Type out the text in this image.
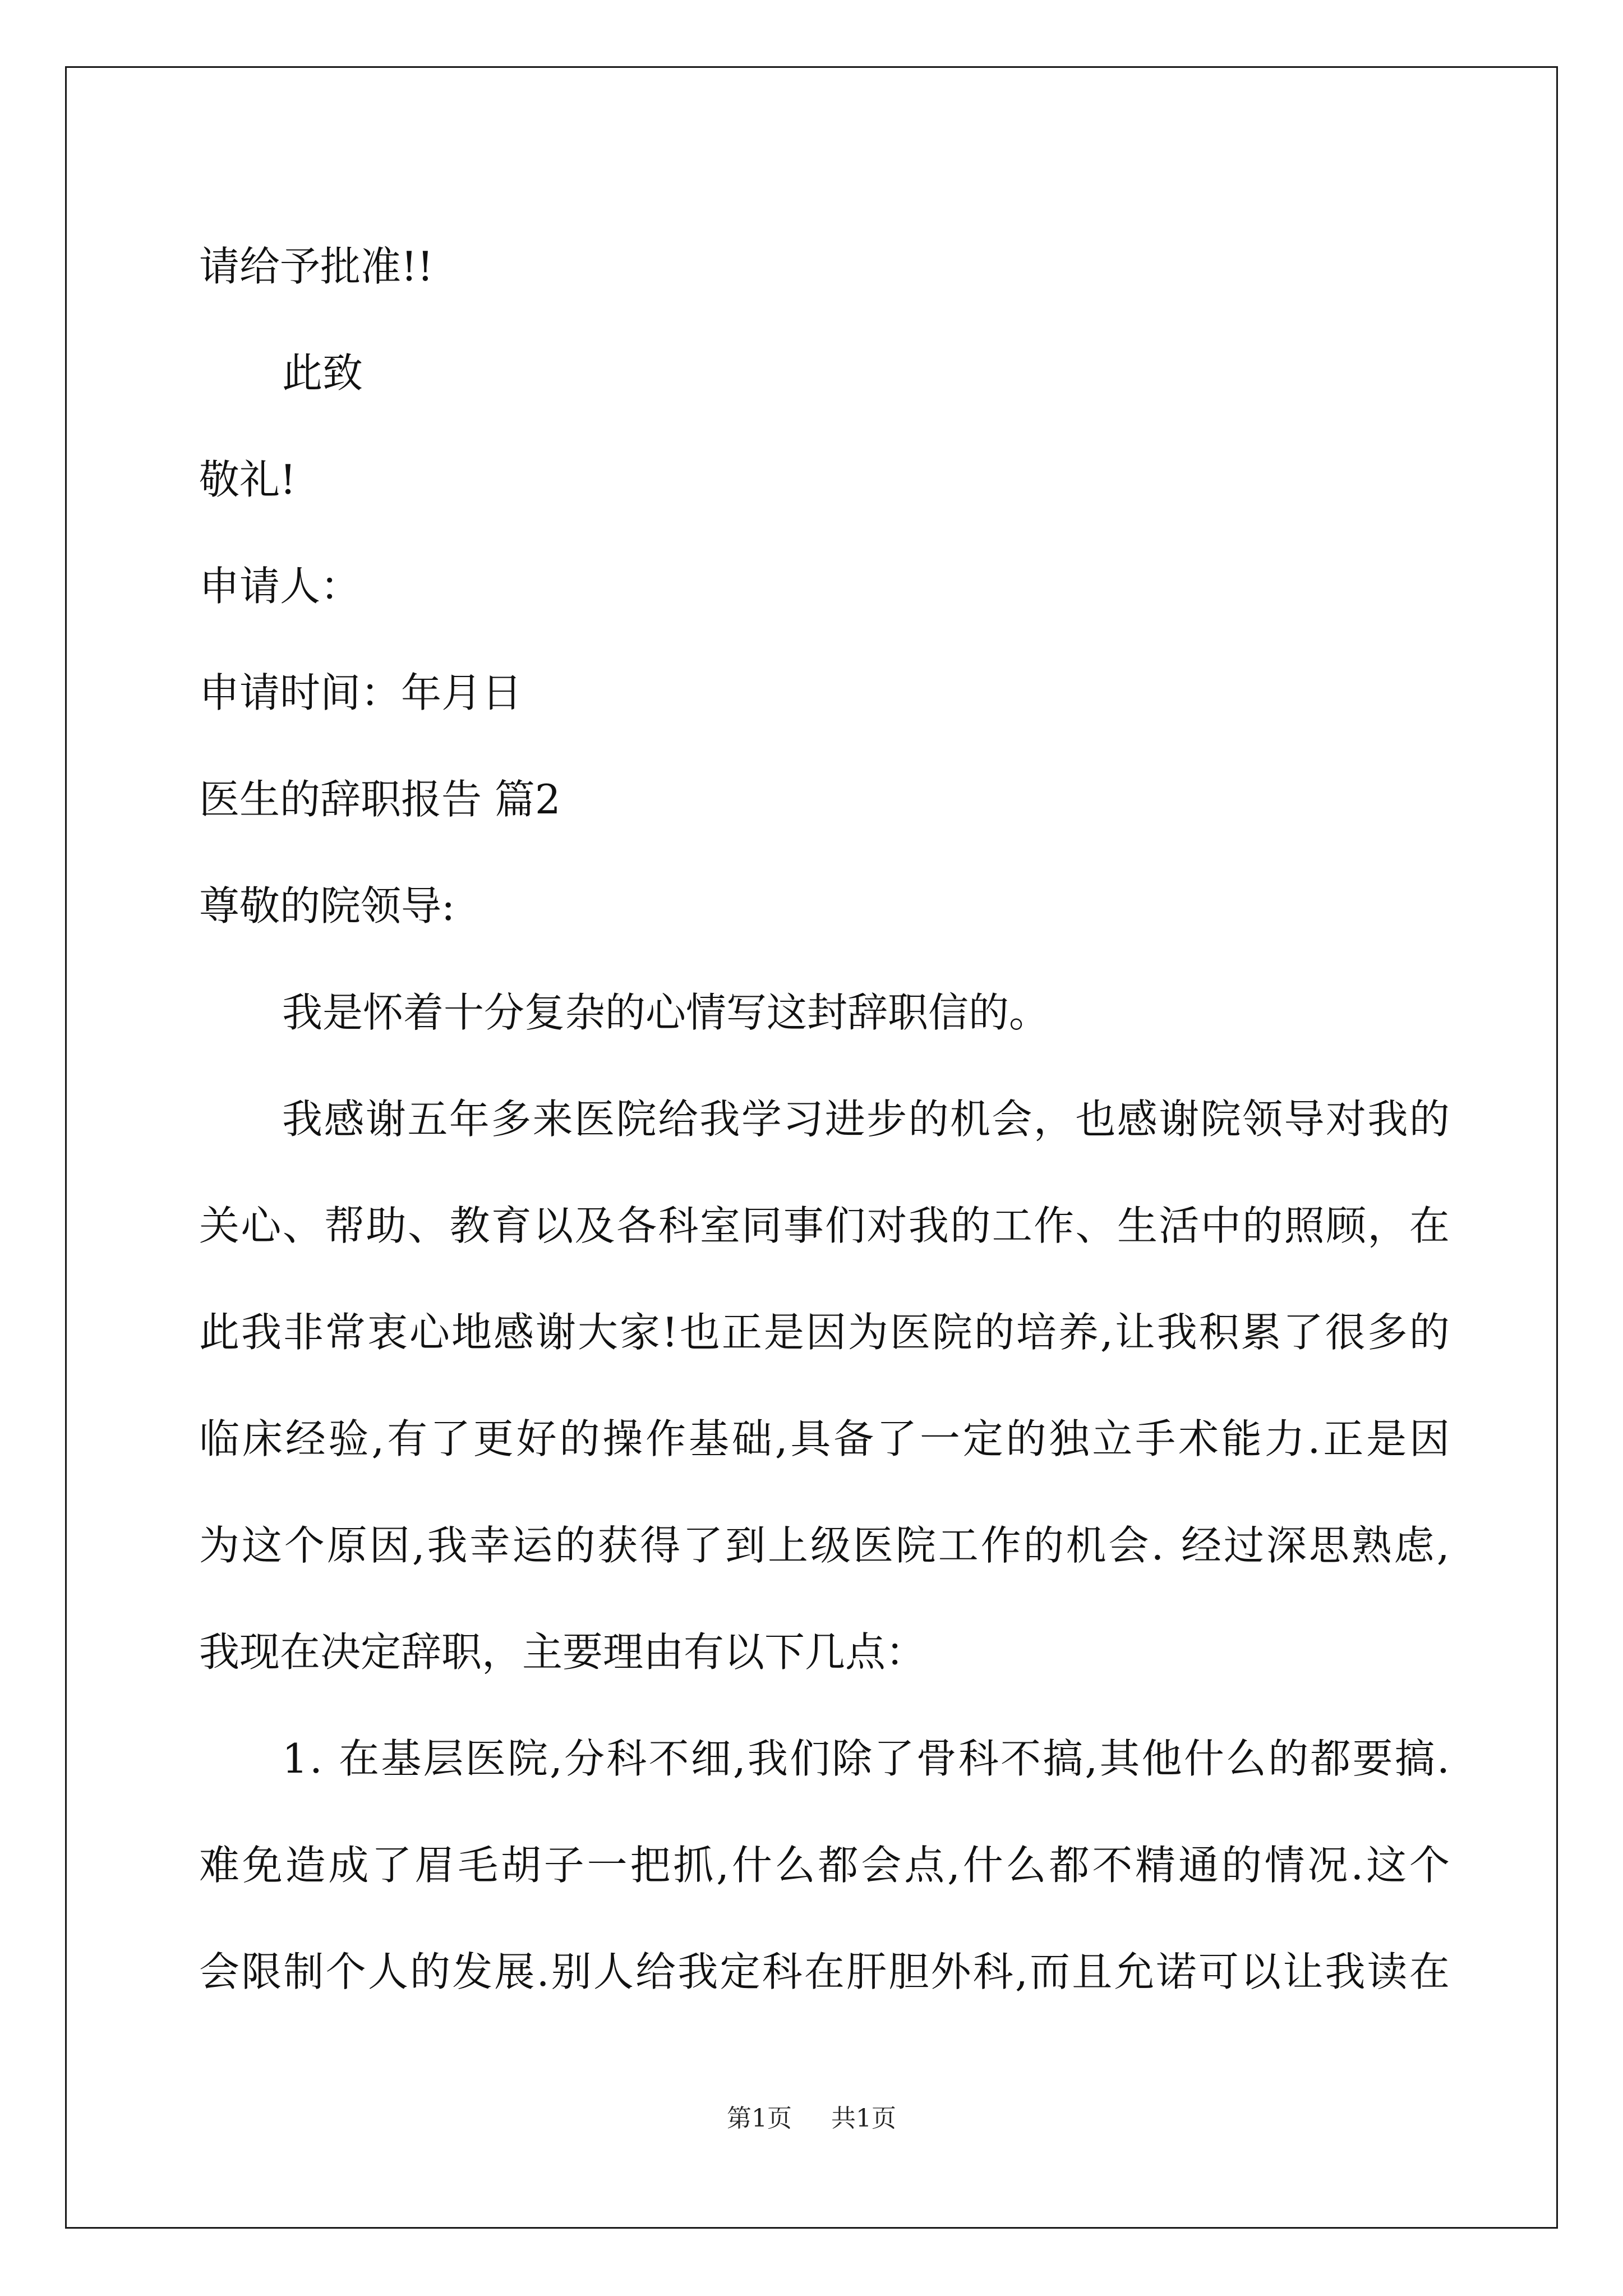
请给予批准!!
此致
敬礼!
申请人：
申请时间：年月日
医生的辞职报告 篇2
尊敬的院领导:
我是怀着十分复杂的心情写这封辞职信的。
我 感 谢 五 年 多 来 医 院 给 我 学 习 进 步 的 机 会 ， 也 感 谢 院 领 导 对 我 的
关 心 、 帮 助 、 教 育 以 及 各 科 室 同 事 们 对 我 的 工 作 、 生 活 中 的 照 顾 ， 在
此 我 非 常 衷 心 地 感 谢 大 家 ! 也 正 是 因 为 医 院 的 培 养 , 让 我 积 累 了 很 多 的
临 床 经 验 , 有 了 更 好 的 操 作 基 础 , 具 备 了 一 定 的 独 立 手 术 能 力 . 正 是 因
为 这 个 原 因 , 我 幸 运 的 获 得 了 到 上 级 医 院 工 作 的 机 会 .
经 过 深 思 熟 虑 ,
我现在决定辞职，主要理由有以下几点：
1 .
在 基 层 医 院 , 分 科 不 细 , 我 们 除 了 骨 科 不 搞 , 其 他 什 么 的 都 要 搞 .
难 免 造 成 了 眉 毛 胡 子 一 把 抓 , 什 么 都 会 点 , 什 么 都 不 精 通 的 情 况 . 这 个
会 限 制 个 人 的 发 展 . 别 人 给 我 定 科 在 肝 胆 外 科 , 而 且 允 诺 可 以 让 我 读 在
第1页 共1页
